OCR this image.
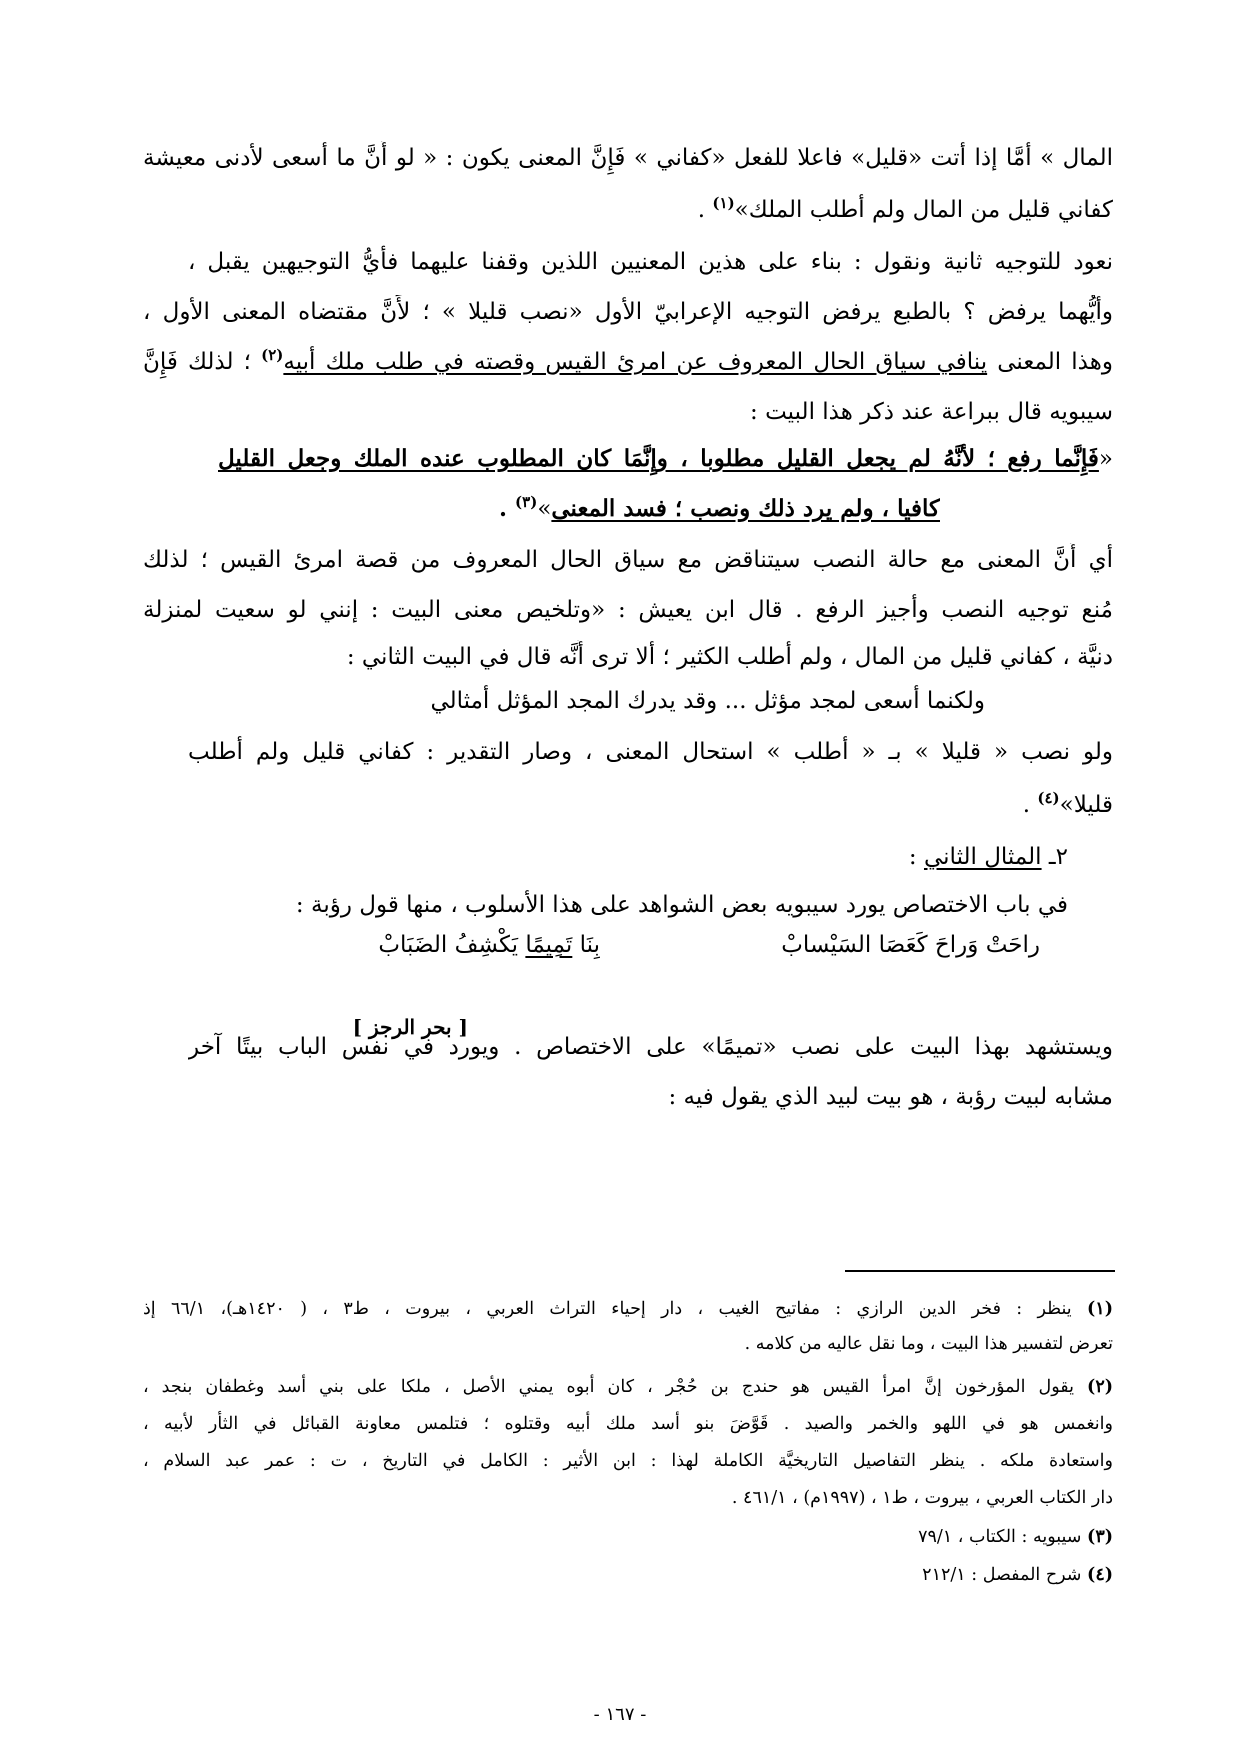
المال » أمَّا إذا أتت «قليل» فاعلا للفعل «كفاني » فَإِنَّ المعنى يكون : « لو أَنَّ ما أسعى لأدنى معيشة
كفاني قليل من المال ولم أطلب الملك»$^{(١)}$ .
نعود للتوجيه ثانية ونقول : بناء على هذين المعنيين اللذين وقفنا عليهما فأيُّ التوجيهين يقبل ،
وأيُّهما يرفض ؟ بالطبع يرفض التوجيه الإعرابيّ الأول «نصب قليلا » ؛ لأَنَّ مقتضاه المعنى الأول ،
وهذا المعنى ينافي سياق الحال المعروف عن امرئ القيس وقصته في طلب ملك أبيه$^{(٢)}$ ؛ لذلك فَإِنَّ
سيبويه قال ببراعة عند ذكر هذا البيت :
«فَإِنَّما رفع ؛ لأنَّهُ لم يجعل القليل مطلوبا ، وإِنَّمَا كان المطلوب عنده الملك وجعل القليل
كافيا ، ولم يرد ذلك ونصب ؛ فسد المعنى»$^{(٣)}$ .
أي أَنَّ المعنى مع حالة النصب سيتناقض مع سياق الحال المعروف من قصة امرئ القيس ؛ لذلك
مُنع توجيه النصب وأجيز الرفع . قال ابن يعيش : «وتلخيص معنى البيت : إنني لو سعيت لمنزلة
دنيَّة ، كفاني قليل من المال ، ولم أطلب الكثير ؛ ألا ترى أَنَّه قال في البيت الثاني :
ولكنما أسعى لمجد مؤثل ... وقد يدرك المجد المؤثل أمثالي
ولو نصب « قليلا » بـ « أطلب » استحال المعنى ، وصار التقدير : كفاني قليل ولم أطلب
قليلا»$^{(٤)}$ .
٢ـ المثال الثاني :
في باب الاختصاص يورد سيبويه بعض الشواهد على هذا الأسلوب ، منها قول رؤبة :
راحَتْ وَراحَ كَعَصَا السَيْسابْ
بِنَا تَمِيمًا يَكْشِفُ الضَبَابْ
[ بحر الرجز ]
ويستشهد بهذا البيت على نصب «تميمًا» على الاختصاص . ويورد في نفس الباب بيتًا آخر
مشابه لبيت رؤبة ، هو بيت لبيد الذي يقول فيه :
(١) ينظر : فخر الدين الرازي : مفاتيح الغيب ، دار إحياء التراث العربي ، بيروت ، ط٣ ، ( ١٤٢٠هـ)، ٦٦/١ إذ
تعرض لتفسير هذا البيت ، وما نقل عاليه من كلامه .
(٢) يقول المؤرخون إنَّ امرأ القيس هو حندج بن حُجْر ، كان أبوه يمني الأصل ، ملكا على بني أسد وغطفان بنجد ،
وانغمس هو في اللهو والخمر والصيد . قَوَّضَ بنو أسد ملك أبيه وقتلوه ؛ فتلمس معاونة القبائل في الثأر لأبيه ،
واستعادة ملكه . ينظر التفاصيل التاريخيَّة الكاملة لهذا : ابن الأثير : الكامل في التاريخ ، ت : عمر عبد السلام ،
دار الكتاب العربي ، بيروت ، ط١ ، (١٩٩٧م) ، ٤٦١/١ .
(٣) سيبويه : الكتاب ، ٧٩/١
(٤) شرح المفصل : ٢١٢/١
- ١٦٧ -
